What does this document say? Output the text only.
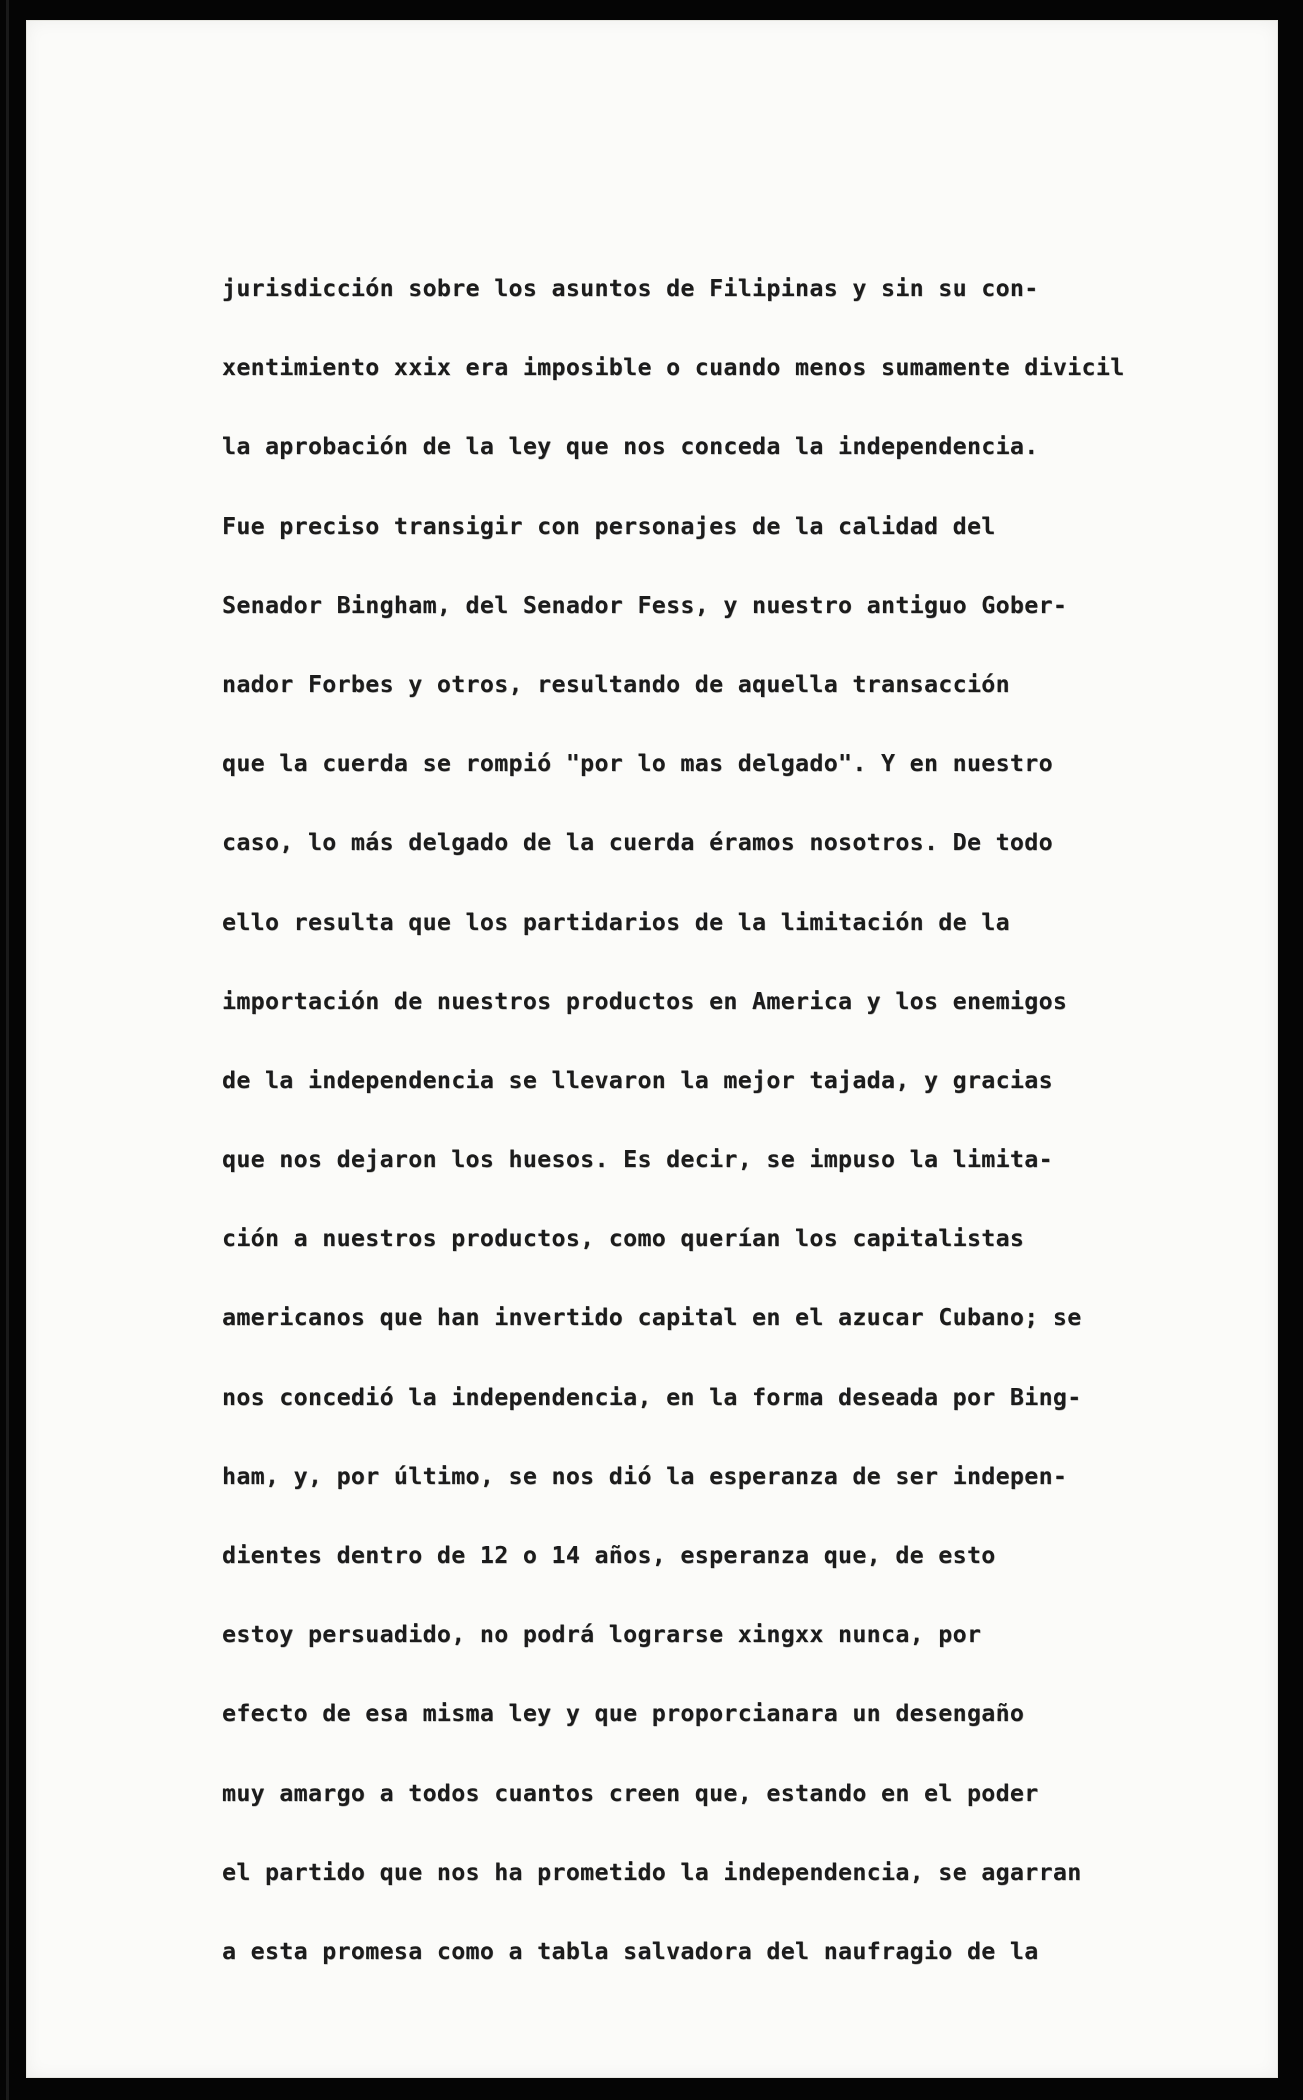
jurisdicción sobre los asuntos de Filipinas y sin su con-
xentimiento xxix era imposible o cuando menos sumamente divicil
la aprobación de la ley que nos conceda la independencia.
Fue preciso transigir con personajes de la calidad del
Senador Bingham, del Senador Fess, y nuestro antiguo Gober-
nador Forbes y otros, resultando de aquella transacción
que la cuerda se rompió "por lo mas delgado". Y en nuestro
caso, lo más delgado de la cuerda éramos nosotros. De todo
ello resulta que los partidarios de la limitación de la
importación de nuestros productos en America y los enemigos
de la independencia se llevaron la mejor tajada, y gracias
que nos dejaron los huesos. Es decir, se impuso la limita-
ción a nuestros productos, como querían los capitalistas
americanos que han invertido capital en el azucar Cubano; se
nos concedió la independencia, en la forma deseada por Bing-
ham, y, por último, se nos dió la esperanza de ser indepen-
dientes dentro de 12 o 14 años, esperanza que, de esto
estoy persuadido, no podrá lograrse xingxx nunca, por
efecto de esa misma ley y que proporcianara un desengaño
muy amargo a todos cuantos creen que, estando en el poder
el partido que nos ha prometido la independencia, se agarran
a esta promesa como a tabla salvadora del naufragio de la
